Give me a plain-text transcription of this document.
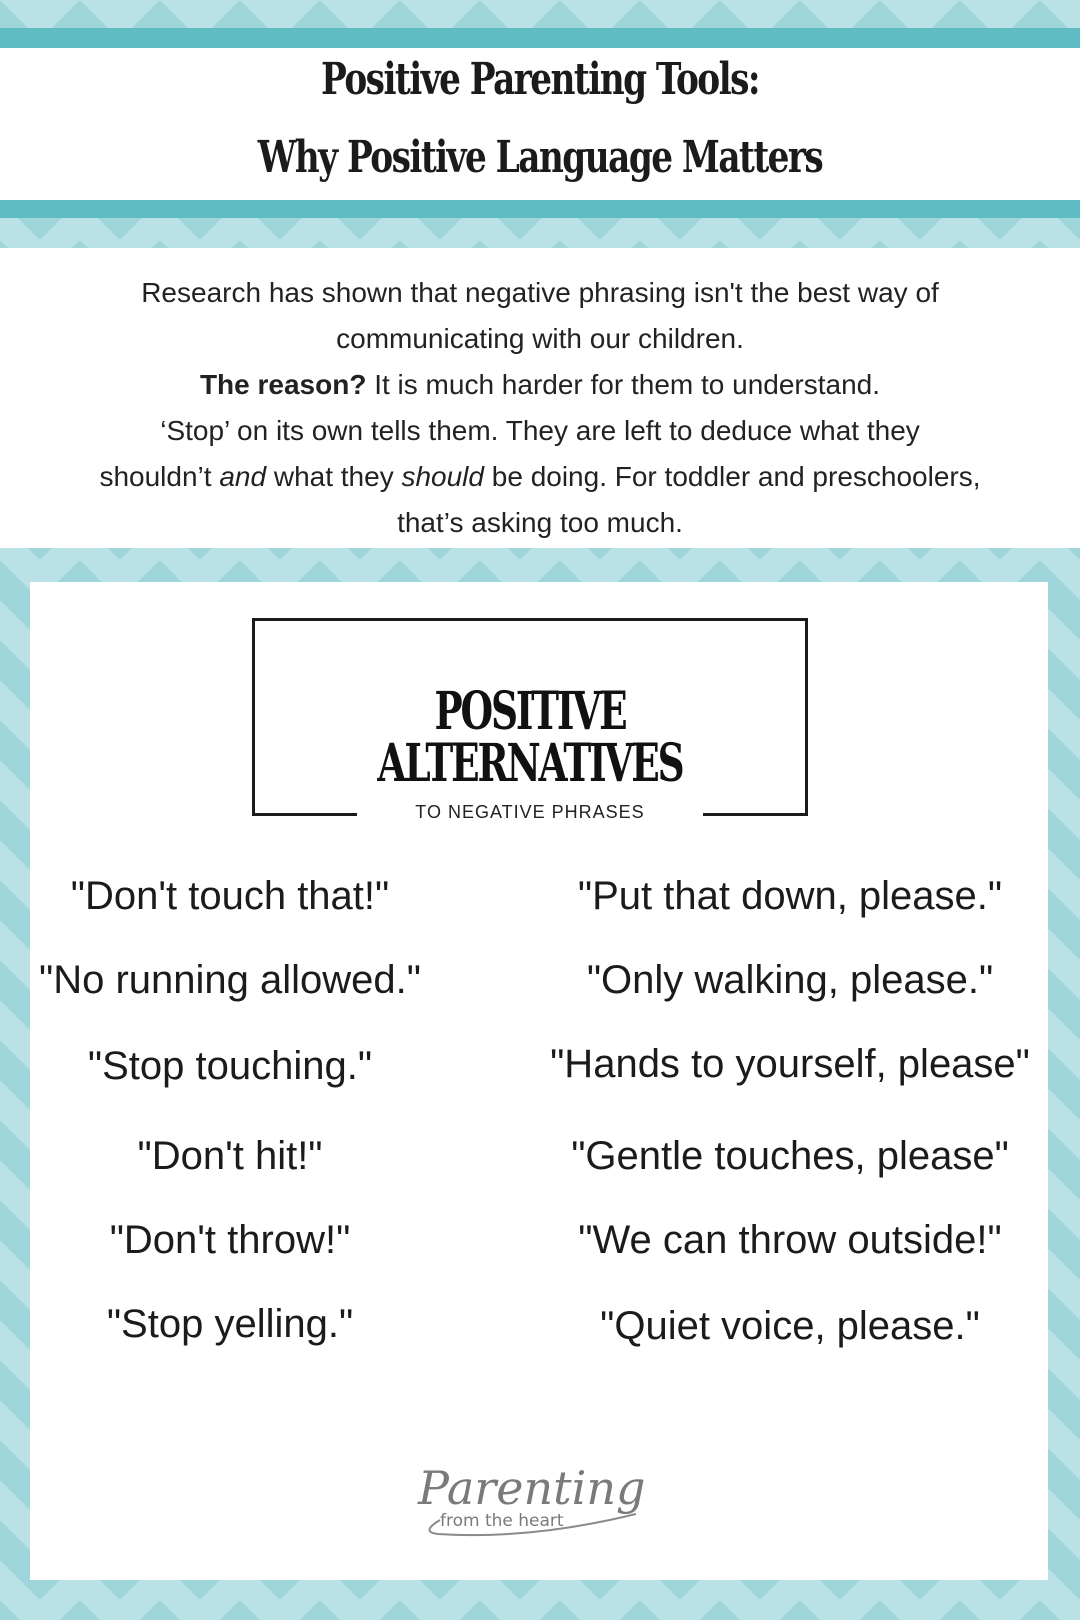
Positive Parenting Tools:
Why Positive Language Matters

Research has shown that negative phrasing isn't the best way of

communicating with our children.

The reason? It is much harder for them to understand.

‘Stop’ on its own tells them. They are left to deduce what they

shouldn’t and what they should be doing. For toddler and preschoolers,

that’s asking too much.

POSITIVE ALTERNATIVES
TO NEGATIVE PHRASES
"Don't touch that!"	"Put that down, please."
"No running allowed."	"Only walking, please."
"Stop touching."	"Hands to yourself, please"
"Don't hit!"	"Gentle touches, please"
"Don't throw!"	"We can throw outside!"
"Stop yelling."	"Quiet voice, please."
Parenting
from the heart
